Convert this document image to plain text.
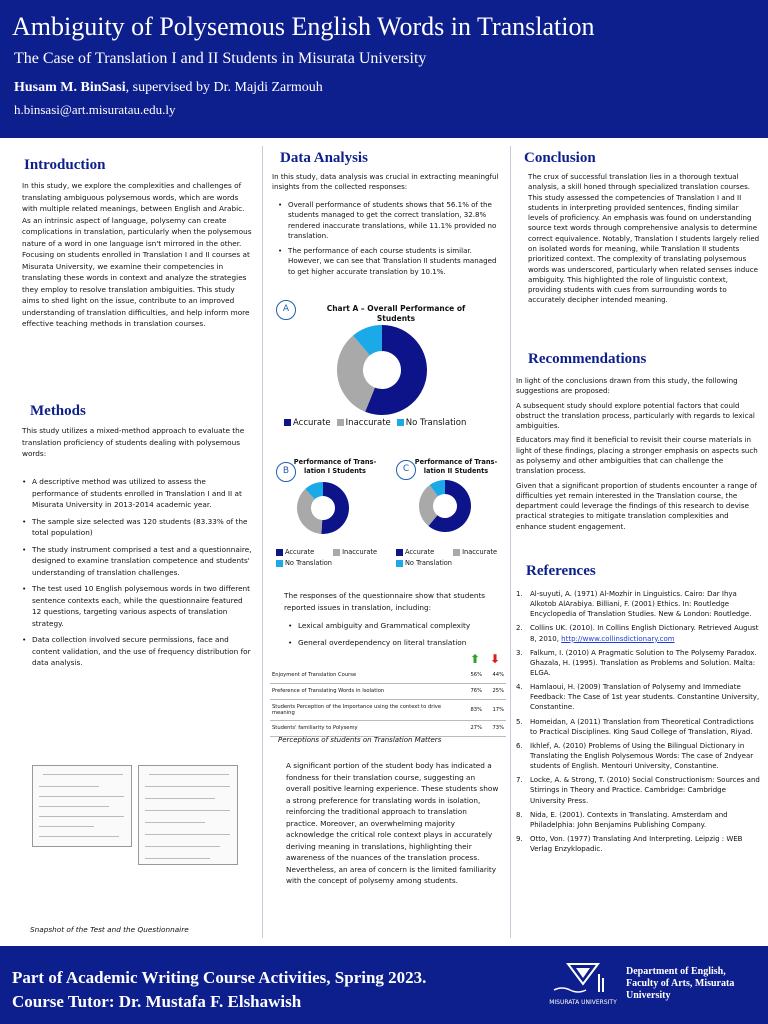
Ambiguity of Polysemous English Words in Translation
The Case of Translation I and II Students in Misurata University
Husam M. BinSasi, supervised by Dr. Majdi Zarmouh
h.binsasi@art.misuratau.edu.ly
Introduction
In this study, we explore the complexities and challenges of translating ambiguous polysemous words, which are words with multiple related meanings, between English and Arabic. As an intrinsic aspect of language, polysemy can create complications in translation, particularly when the polysemous nature of a word in one language isn't mirrored in the other. Focusing on students enrolled in Translation I and II courses at Misurata University, we examine their competencies in translating these words in context and analyze the strategies they employ to resolve translation ambiguities. This study aims to shed light on the issue, contribute to an improved understanding of translation difficulties, and help inform more effective teaching methods in translation courses.
Methods
This study utilizes a mixed-method approach to evaluate the translation proficiency of students dealing with polysemous words:
• A descriptive method was utilized to assess the performance of students enrolled in Translation I and II at Misurata University in 2013-2014 academic year.
• The sample size selected was 120 students (83.33% of the total population)
• The study instrument comprised a test and a questionnaire, designed to examine translation competence and students' understanding of translation challenges.
• The test used 10 English polysemous words in two different sentence contexts each, while the questionnaire featured 12 questions, targeting various aspects of translation strategy.
• Data collection involved secure permissions, face and content validation, and the use of frequency distribution for data analysis.
Snapshot of the Test and the Questionnaire
Data Analysis
In this study, data analysis was crucial in extracting meaningful insights from the collected responses:
• Overall performance of students shows that 56.1% of the students managed to get the correct translation, 32.8% rendered inaccurate translations, while 11.1% provided no translation.
• The performance of each course students is similar. However, we can see that Translation II students managed to get higher accurate translation by 10.1%.
A	Chart A – Overall Performance of
Students
Accurate	Inaccurate	No Translation
B
Performance of Trans-
lation I Students
Accurate	Inaccurate
No Translation
C
Performance of Trans-
lation II Students
Accurate	Inaccurate
No Translation
The responses of the questionnaire show that students reported issues in translation, including:
• Lexical ambiguity and Grammatical complexity
• General overdependency on literal translation
⬆ ⬇
Enjoyment of Translation Course	56%	44%
Preference of Translating Words in Isolation	76%	25%
Students Perception of the Importance using the context to drive meaning	83%	17%
Students' familiarity to Polysemy	27%	73%
Perceptions of students on Translation Matters
A significant portion of the student body has indicated a fondness for their translation course, suggesting an overall positive learning experience. These students show a strong preference for translating words in isolation, reinforcing the traditional approach to translation practice. Moreover, an overwhelming majority acknowledge the critical role context plays in accurately deriving meaning in translations, highlighting their awareness of the nuances of the translation process. Nevertheless, an area of concern is the limited familiarity with the concept of polysemy among students.
Conclusion
The crux of successful translation lies in a thorough textual analysis, a skill honed through specialized translation courses. This study assessed the competencies of Translation I and II students in interpreting provided sentences, finding similar levels of proficiency. An emphasis was found on understanding source text words through comprehensive analysis to determine correct equivalence. Notably, Translation I students largely relied on isolated words for meaning, while Translation II students prioritized context. The complexity of translating polysemous words was underscored, particularly when related senses induce ambiguity. This highlighted the role of linguistic context, providing students with cues from surrounding words to accurately decipher intended meaning.
Recommendations
In light of the conclusions drawn from this study, the following suggestions are proposed:
A subsequent study should explore potential factors that could obstruct the translation process, particularly with regards to lexical ambiguities.
Educators may find it beneficial to revisit their course materials in light of these findings, placing a stronger emphasis on aspects such as polysemy and other ambiguities that can challenge the translation process.
Given that a significant proportion of students encounter a range of difficulties yet remain interested in the Translation course, the department could leverage the findings of this research to devise practical strategies to mitigate translation complexities and enhance student engagement.
References
1. Al-suyuti, A. (1971) Al-Mozhir in Linguistics. Cairo: Dar Ihya Alkotob AlArabiya. Billiani, F. (2001) Ethics. In: Routledge Encyclopedia of Translation Studies. New & London: Routledge.
2. Collins UK. (2010). In Collins English Dictionary. Retrieved August 8, 2010, http://www.collinsdictionary.com
3. Falkum, I. (2010) A Pragmatic Solution to The Polysemy Paradox. Ghazala, H. (1995). Translation as Problems and Solution. Malta: ELGA.
4. Hamlaoui, H. (2009) Translation of Polysemy and Immediate Feedback: The Case of 1st year students. Constantine University, Constantine.
5. Homeidan, A (2011) Translation from Theoretical Contradictions to Practical Disciplines. King Saud College of Translation, Riyad.
6. Ikhlef, A. (2010) Problems of Using the Bilingual Dictionary in Translating the English Polysemous Words: The case of 2ndyear students of English. Mentouri University, Constantine.
7. Locke, A. & Strong, T. (2010) Social Constructionism: Sources and Stirrings in Theory and Practice. Cambridge: Cambridge University Press.
8. Nida, E. (2001). Contexts in Translating. Amsterdam and Philadelphia: John Benjamins Publishing Company.
9. Otto, Von. (1977) Translating And Interpreting. Leipzig : WEB Verlag Enzyklopadic.
Part of Academic Writing Course Activities, Spring 2023.
Course Tutor: Dr. Mustafa F. Elshawish	MISURATA UNIVERSITY
Department of English,
Faculty of Arts, Misurata
University
